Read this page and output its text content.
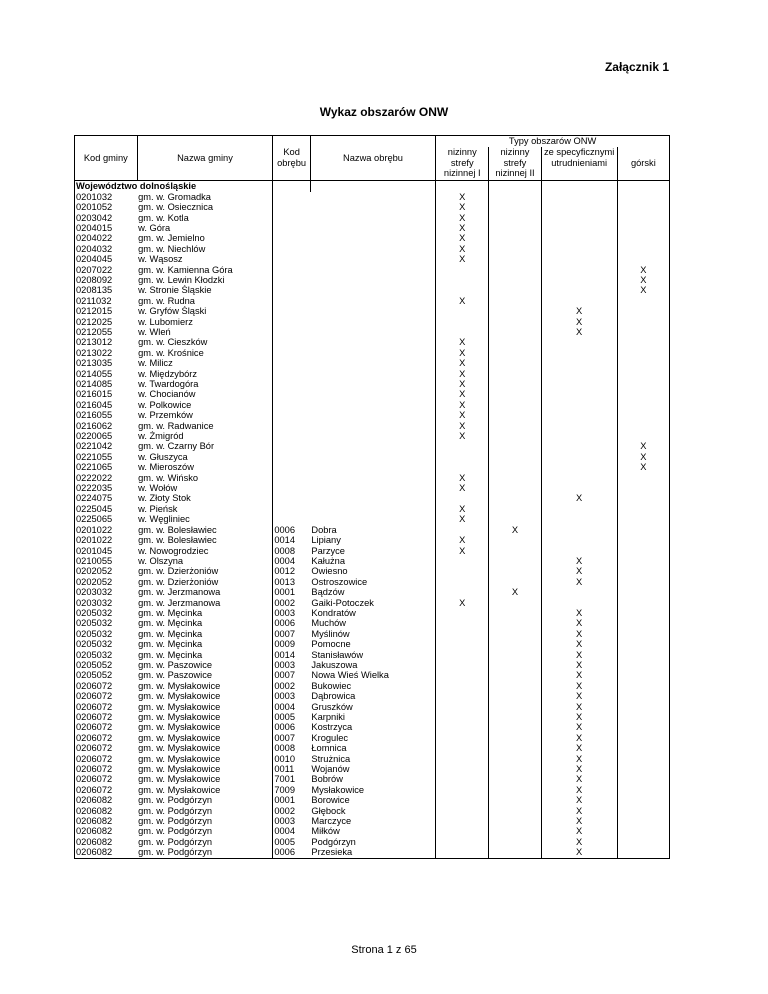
Załącznik 1
Wykaz obszarów ONW
Kod gminy	Nazwa gminy	Kod obrębu	Nazwa obrębu	Typy obszarów ONW			
				nizinny strefy nizinnej I	nizinny strefy nizinnej II	ze specyficznymi utrudnieniami	górski
Województwo dolnośląskie							
0201032	gm. w. Gromadka			X			
0201052	gm. w. Osiecznica			X			
0203042	gm. w. Kotla			X			
0204015	w. Góra			X			
0204022	gm. w. Jemielno			X			
0204032	gm. w. Niechlów			X			
0204045	w. Wąsosz			X			
0207022	gm. w. Kamienna Góra						X
0208092	gm. w. Lewin Kłodzki						X
0208135	w. Stronie Śląskie						X
0211032	gm. w. Rudna			X			
0212015	w. Gryfów Śląski					X	
0212025	w. Lubomierz					X	
0212055	w. Wleń					X	
0213012	gm. w. Cieszków			X			
0213022	gm. w. Krośnice			X			
0213035	w. Milicz			X			
0214055	w. Międzybórz			X			
0214085	w. Twardogóra			X			
0216015	w. Chocianów			X			
0216045	w. Polkowice			X			
0216055	w. Przemków			X			
0216062	gm. w. Radwanice			X			
0220065	w. Żmigród			X			
0221042	gm. w. Czarny Bór						X
0221055	w. Głuszyca						X
0221065	w. Mieroszów						X
0222022	gm. w. Wińsko			X			
0222035	w. Wołów			X			
0224075	w. Złoty Stok					X	
0225045	w. Pieńsk			X			
0225065	w. Węgliniec			X			
0201022	gm. w. Bolesławiec	0006	Dobra		X		
0201022	gm. w. Bolesławiec	0014	Lipiany	X			
0201045	w. Nowogrodziec	0008	Parzyce	X			
0210055	w. Olszyna	0004	Kałużna			X	
0202052	gm. w. Dzierżoniów	0012	Owiesno			X	
0202052	gm. w. Dzierżoniów	0013	Ostroszowice			X	
0203032	gm. w. Jerzmanowa	0001	Bądzów		X		
0203032	gm. w. Jerzmanowa	0002	Gaiki-Potoczek	X			
0205032	gm. w. Męcinka	0003	Kondratów			X	
0205032	gm. w. Męcinka	0006	Muchów			X	
0205032	gm. w. Męcinka	0007	Myślinów			X	
0205032	gm. w. Męcinka	0009	Pomocne			X	
0205032	gm. w. Męcinka	0014	Stanisławów			X	
0205052	gm. w. Paszowice	0003	Jakuszowa			X	
0205052	gm. w. Paszowice	0007	Nowa Wieś Wielka			X	
0206072	gm. w. Mysłakowice	0002	Bukowiec			X	
0206072	gm. w. Mysłakowice	0003	Dąbrowica			X	
0206072	gm. w. Mysłakowice	0004	Gruszków			X	
0206072	gm. w. Mysłakowice	0005	Karpniki			X	
0206072	gm. w. Mysłakowice	0006	Kostrzyca			X	
0206072	gm. w. Mysłakowice	0007	Krogulec			X	
0206072	gm. w. Mysłakowice	0008	Łomnica			X	
0206072	gm. w. Mysłakowice	0010	Strużnica			X	
0206072	gm. w. Mysłakowice	0011	Wojanów			X	
0206072	gm. w. Mysłakowice	7001	Bobrów			X	
0206072	gm. w. Mysłakowice	7009	Mysłakowice			X	
0206082	gm. w. Podgórzyn	0001	Borowice			X	
0206082	gm. w. Podgórzyn	0002	Głębock			X	
0206082	gm. w. Podgórzyn	0003	Marczyce			X	
0206082	gm. w. Podgórzyn	0004	Miłków			X	
0206082	gm. w. Podgórzyn	0005	Podgórzyn			X	
0206082	gm. w. Podgórzyn	0006	Przesieka			X	
Strona 1 z 65
